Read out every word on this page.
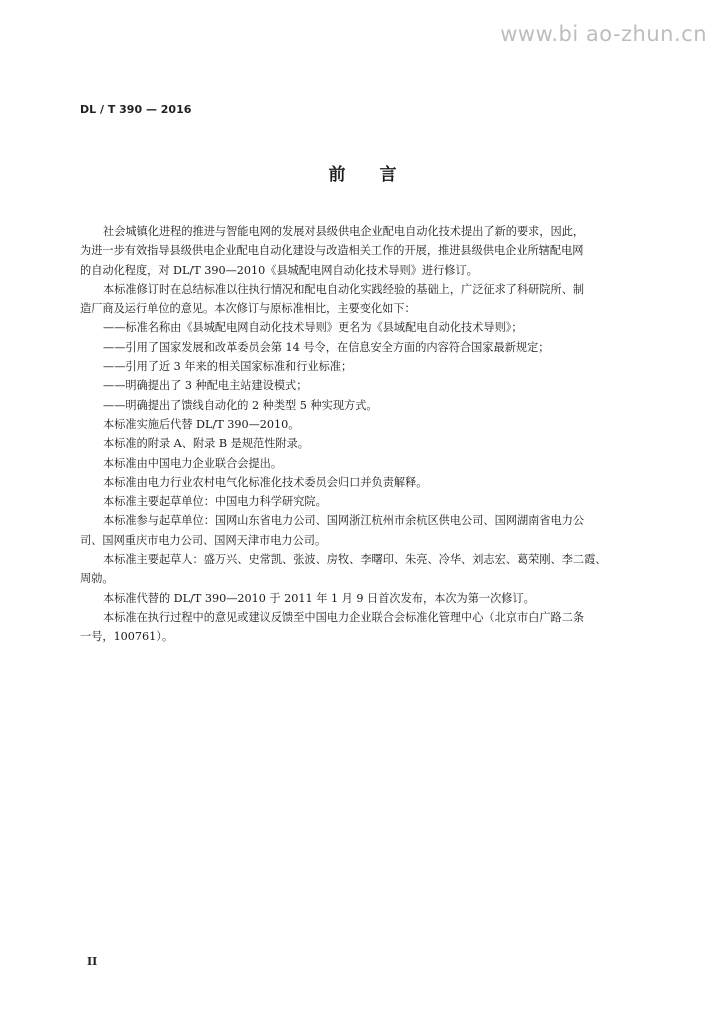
www.bi ao-zhun.cn
DL / T 390 — 2016
前言

社会城镇化进程的推进与智能电网的发展对县级供电企业配电自动化技术提出了新的要求，因此，

为进一步有效指导县级供电企业配电自动化建设与改造相关工作的开展，推进县级供电企业所辖配电网

的自动化程度，对 DL/T 390—2010《县城配电网自动化技术导则》进行修订。

本标准修订时在总结标准以往执行情况和配电自动化实践经验的基础上，广泛征求了科研院所、制

造厂商及运行单位的意见。本次修订与原标准相比，主要变化如下：

——标准名称由《县城配电网自动化技术导则》更名为《县域配电自动化技术导则》；

——引用了国家发展和改革委员会第 14 号令，在信息安全方面的内容符合国家最新规定；

——引用了近 3 年来的相关国家标准和行业标准；

——明确提出了 3 种配电主站建设模式；

——明确提出了馈线自动化的 2 种类型 5 种实现方式。

本标准实施后代替 DL/T 390—2010。

本标准的附录 A、附录 B 是规范性附录。

本标准由中国电力企业联合会提出。

本标准由电力行业农村电气化标准化技术委员会归口并负责解释。

本标准主要起草单位：中国电力科学研究院。

本标准参与起草单位：国网山东省电力公司、国网浙江杭州市余杭区供电公司、国网湖南省电力公

司、国网重庆市电力公司、国网天津市电力公司。

本标准主要起草人：盛万兴、史常凯、张波、房牧、李曙印、朱亮、冷华、刘志宏、葛荣刚、李二霞、

周勍。

本标准代替的 DL/T 390—2010 于 2011 年 1 月 9 日首次发布，本次为第一次修订。

本标准在执行过程中的意见或建议反馈至中国电力企业联合会标准化管理中心（北京市白广路二条

一号，100761）。

II
